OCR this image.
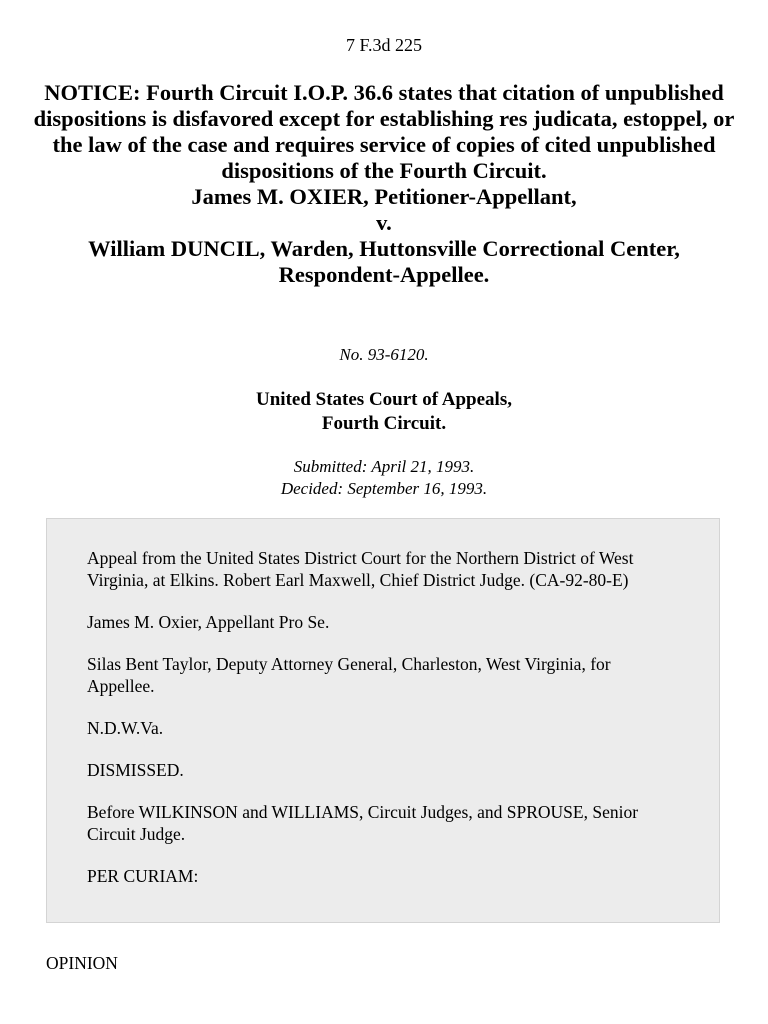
7 F.3d 225
NOTICE: Fourth Circuit I.O.P. 36.6 states that citation of unpublished dispositions is disfavored except for establishing res judicata, estoppel, or the law of the case and requires service of copies of cited unpublished dispositions of the Fourth Circuit.
James M. OXIER, Petitioner-Appellant,
v.
William DUNCIL, Warden, Huttonsville Correctional Center, Respondent-Appellee.
No. 93-6120.
United States Court of Appeals,
Fourth Circuit.
Submitted: April 21, 1993.
Decided: September 16, 1993.

Appeal from the United States District Court for the Northern District of West Virginia, at Elkins. Robert Earl Maxwell, Chief District Judge. (CA-92-80-E)

James M. Oxier, Appellant Pro Se.

Silas Bent Taylor, Deputy Attorney General, Charleston, West Virginia, for Appellee.

N.D.W.Va.

DISMISSED.

Before WILKINSON and WILLIAMS, Circuit Judges, and SPROUSE, Senior Circuit Judge.

PER CURIAM:

OPINION
